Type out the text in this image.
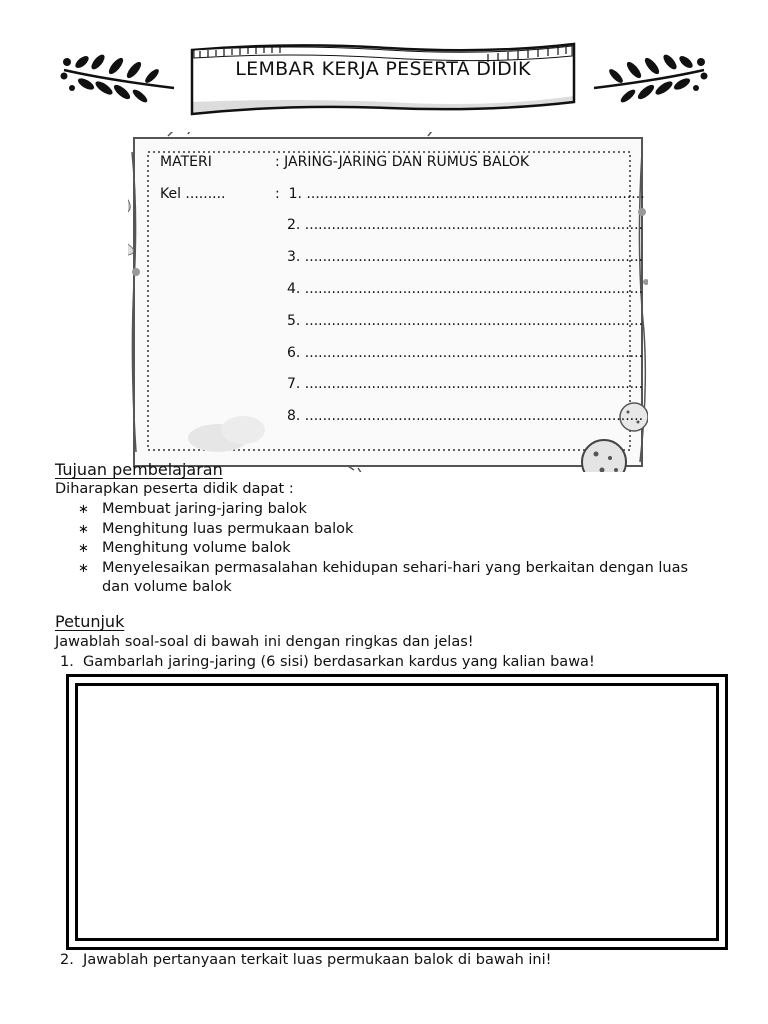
LEMBAR KERJA PESERTA DIDIK
MATERI	: JARING-JARING DAN RUMUS BALOK
Kel .........	:  1. ............................................................................
2. ............................................................................
3. ............................................................................
4. ............................................................................
5. ............................................................................
6. ............................................................................
7. ............................................................................
8. ............................................................................
Tujuan pembelajaran
Diharapkan peserta didik dapat :
∗ Membuat jaring-jaring balok
∗ Menghitung luas permukaan balok
∗ Menghitung volume balok
∗ Menyelesaikan permasalahan kehidupan sehari-hari yang berkaitan dengan luas dan volume balok
Petunjuk
Jawablah soal-soal di bawah ini dengan ringkas dan jelas!
1.  Gambarlah jaring-jaring (6 sisi) berdasarkan kardus yang kalian bawa!
2.  Jawablah pertanyaan terkait luas permukaan balok di bawah ini!
